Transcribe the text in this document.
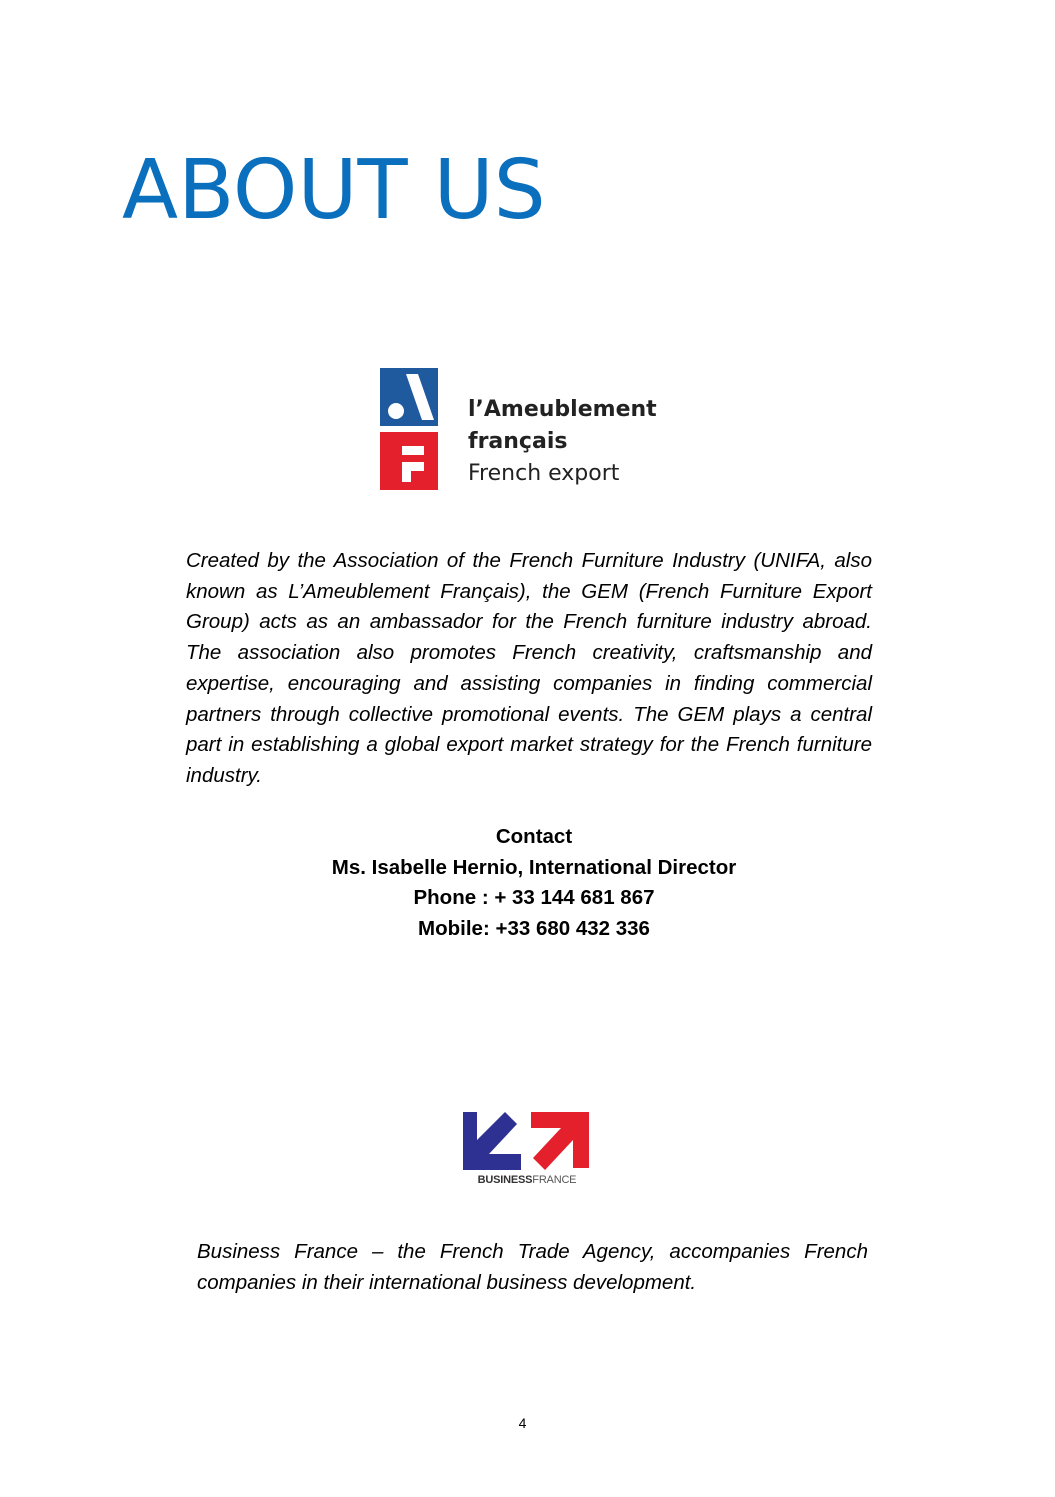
ABOUT US
l’Ameublement
français
French export
Created by the Association of the French Furniture Industry (UNIFA, also known as L’Ameublement Français), the GEM (French Furniture Export Group) acts as an ambassador for the French furniture industry abroad. The association also promotes French creativity, craftsmanship and expertise, encouraging and assisting companies in finding commercial partners through collective promotional events. The GEM plays a central part in establishing a global export market strategy for the French furniture industry.
Contact
Ms. Isabelle Hernio, International Director
Phone : + 33 144 681 867
Mobile: +33 680 432 336
BUSINESSFRANCE
Business France – the French Trade Agency, accompanies French companies in their international business development.
4
